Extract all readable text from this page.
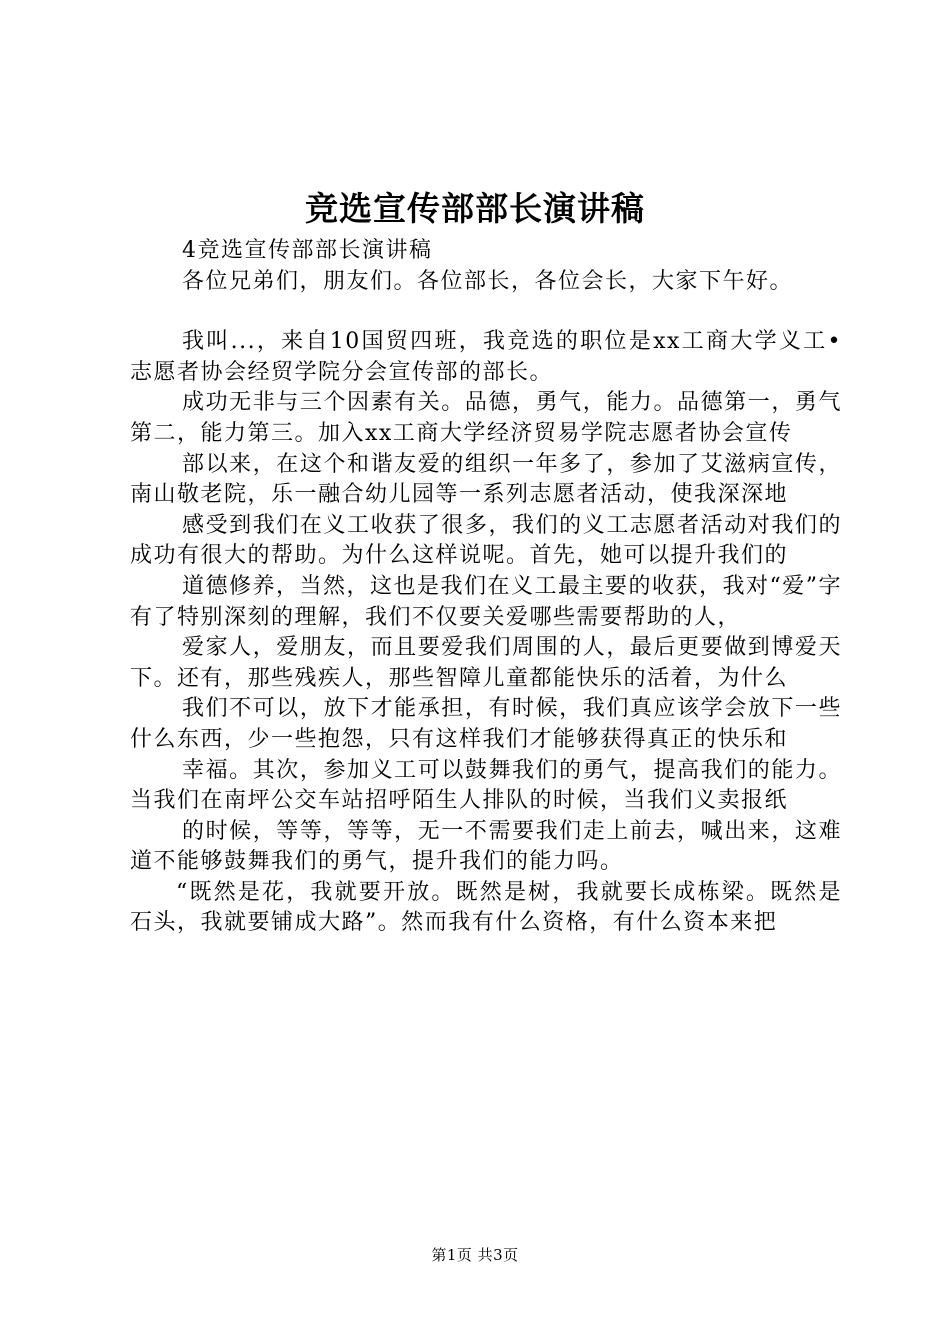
竞选宣传部部长演讲稿

4竞选宣传部部长演讲稿

各位兄弟们，朋友们。各位部长，各位会长，大家下午好。

我叫...，来自10国贸四班，我竞选的职位是xx工商大学义工•志愿者协会经贸学院分会宣传部的部长。

成功无非与三个因素有关。品德，勇气，能力。品德第一，勇气第二，能力第三。加入xx工商大学经济贸易学院志愿者协会宣传

部以来，在这个和谐友爱的组织一年多了，参加了艾滋病宣传，南山敬老院，乐一融合幼儿园等一系列志愿者活动，使我深深地

感受到我们在义工收获了很多，我们的义工志愿者活动对我们的成功有很大的帮助。为什么这样说呢。首先，她可以提升我们的

道德修养，当然，这也是我们在义工最主要的收获，我对“爱”字有了特别深刻的理解，我们不仅要关爱哪些需要帮助的人，

爱家人，爱朋友，而且要爱我们周围的人，最后更要做到博爱天下。还有，那些残疾人，那些智障儿童都能快乐的活着，为什么

我们不可以，放下才能承担，有时候，我们真应该学会放下一些什么东西，少一些抱怨，只有这样我们才能够获得真正的快乐和

幸福。其次，参加义工可以鼓舞我们的勇气，提高我们的能力。当我们在南坪公交车站招呼陌生人排队的时候，当我们义卖报纸

的时候，等等，等等，无一不需要我们走上前去，喊出来，这难道不能够鼓舞我们的勇气，提升我们的能力吗。

“既然是花，我就要开放。既然是树，我就要长成栋梁。既然是石头，我就要铺成大路”。然而我有什么资格，有什么资本来把

第1页 共3页
